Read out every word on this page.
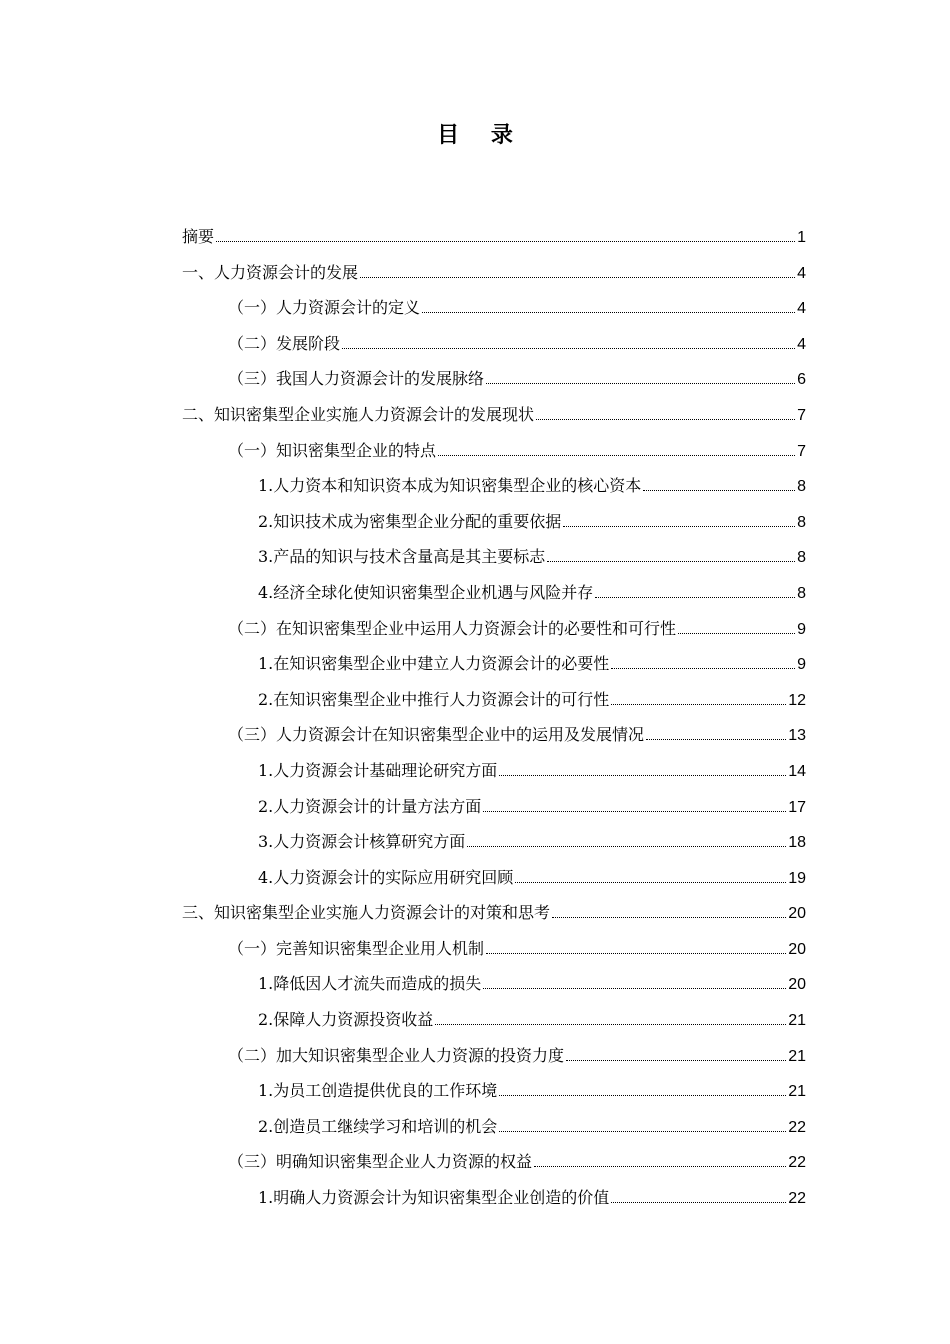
目 录
摘要	1
一、人力资源会计的发展	4
（一）人力资源会计的定义	4
（二）发展阶段	4
（三）我国人力资源会计的发展脉络	6
二、知识密集型企业实施人力资源会计的发展现状	7
（一）知识密集型企业的特点	7
1.人力资本和知识资本成为知识密集型企业的核心资本	8
2.知识技术成为密集型企业分配的重要依据	8
3.产品的知识与技术含量高是其主要标志	8
4.经济全球化使知识密集型企业机遇与风险并存	8
（二）在知识密集型企业中运用人力资源会计的必要性和可行性	9
1.在知识密集型企业中建立人力资源会计的必要性	9
2.在知识密集型企业中推行人力资源会计的可行性	12
（三）人力资源会计在知识密集型企业中的运用及发展情况	13
1.人力资源会计基础理论研究方面	14
2.人力资源会计的计量方法方面	17
3.人力资源会计核算研究方面	18
4.人力资源会计的实际应用研究回顾	19
三、知识密集型企业实施人力资源会计的对策和思考	20
（一）完善知识密集型企业用人机制	20
1.降低因人才流失而造成的损失	20
2.保障人力资源投资收益	21
（二）加大知识密集型企业人力资源的投资力度	21
1.为员工创造提供优良的工作环境	21
2.创造员工继续学习和培训的机会	22
（三）明确知识密集型企业人力资源的权益	22
1.明确人力资源会计为知识密集型企业创造的价值	22
